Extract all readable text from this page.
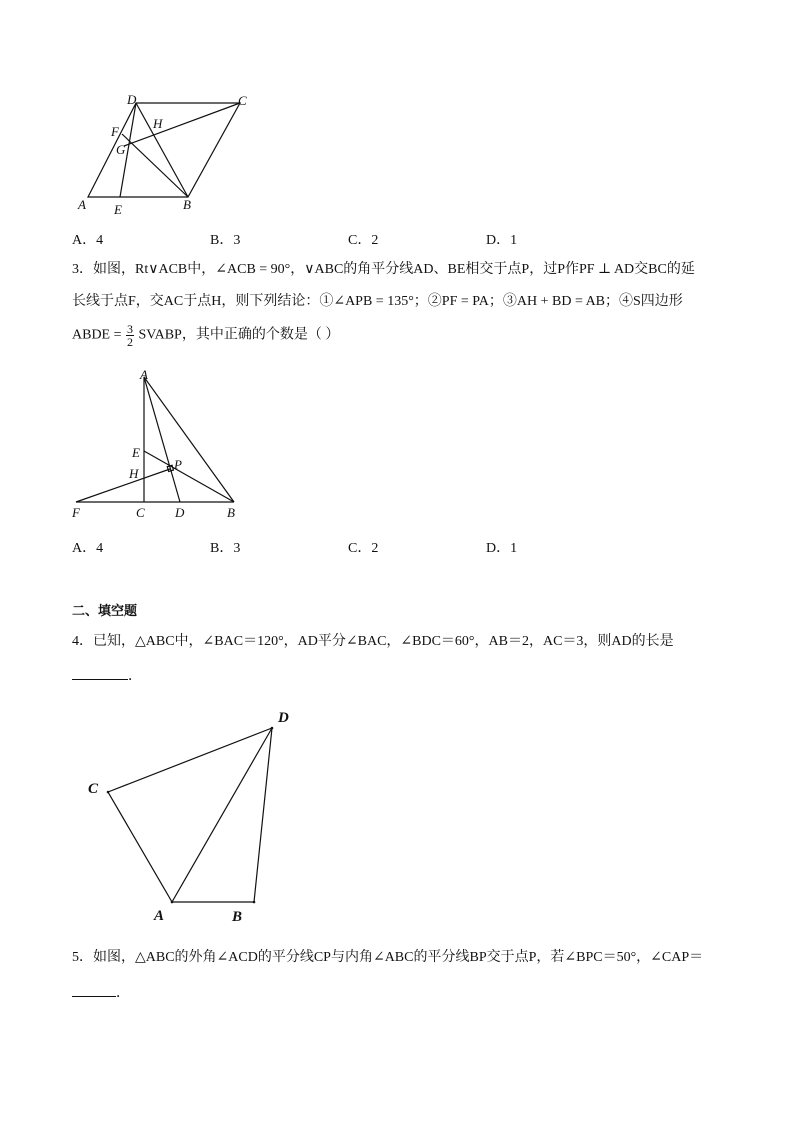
D	C
F
H
G
A E	B
A．4	B．3	C．2	D．1
3．如图，Rt∨ACB中，∠ACB = 90°，∨ABC的角平分线AD、BE相交于点P，过P作PF ⊥ AD交BC的延
长线于点F，交AC于点H，则下列结论：①∠APB = 135°；②PF = PA；③AH + BD = AB；④S四边形
ABDE = $\frac{3}{2}$ SVABP，其中正确的个数是（ ）
A
E
H
P
F	C D	B
A．4	B．3	C．2	D．1
二、填空题
4．已知，△ABC中，∠BAC＝120°，AD平分∠BAC，∠BDC＝60°，AB＝2，AC＝3，则AD的长是
．
D
C
A	B
5．如图，△ABC的外角∠ACD的平分线CP与内角∠ABC的平分线BP交于点P，若∠BPC＝50°，∠CAP＝
．
